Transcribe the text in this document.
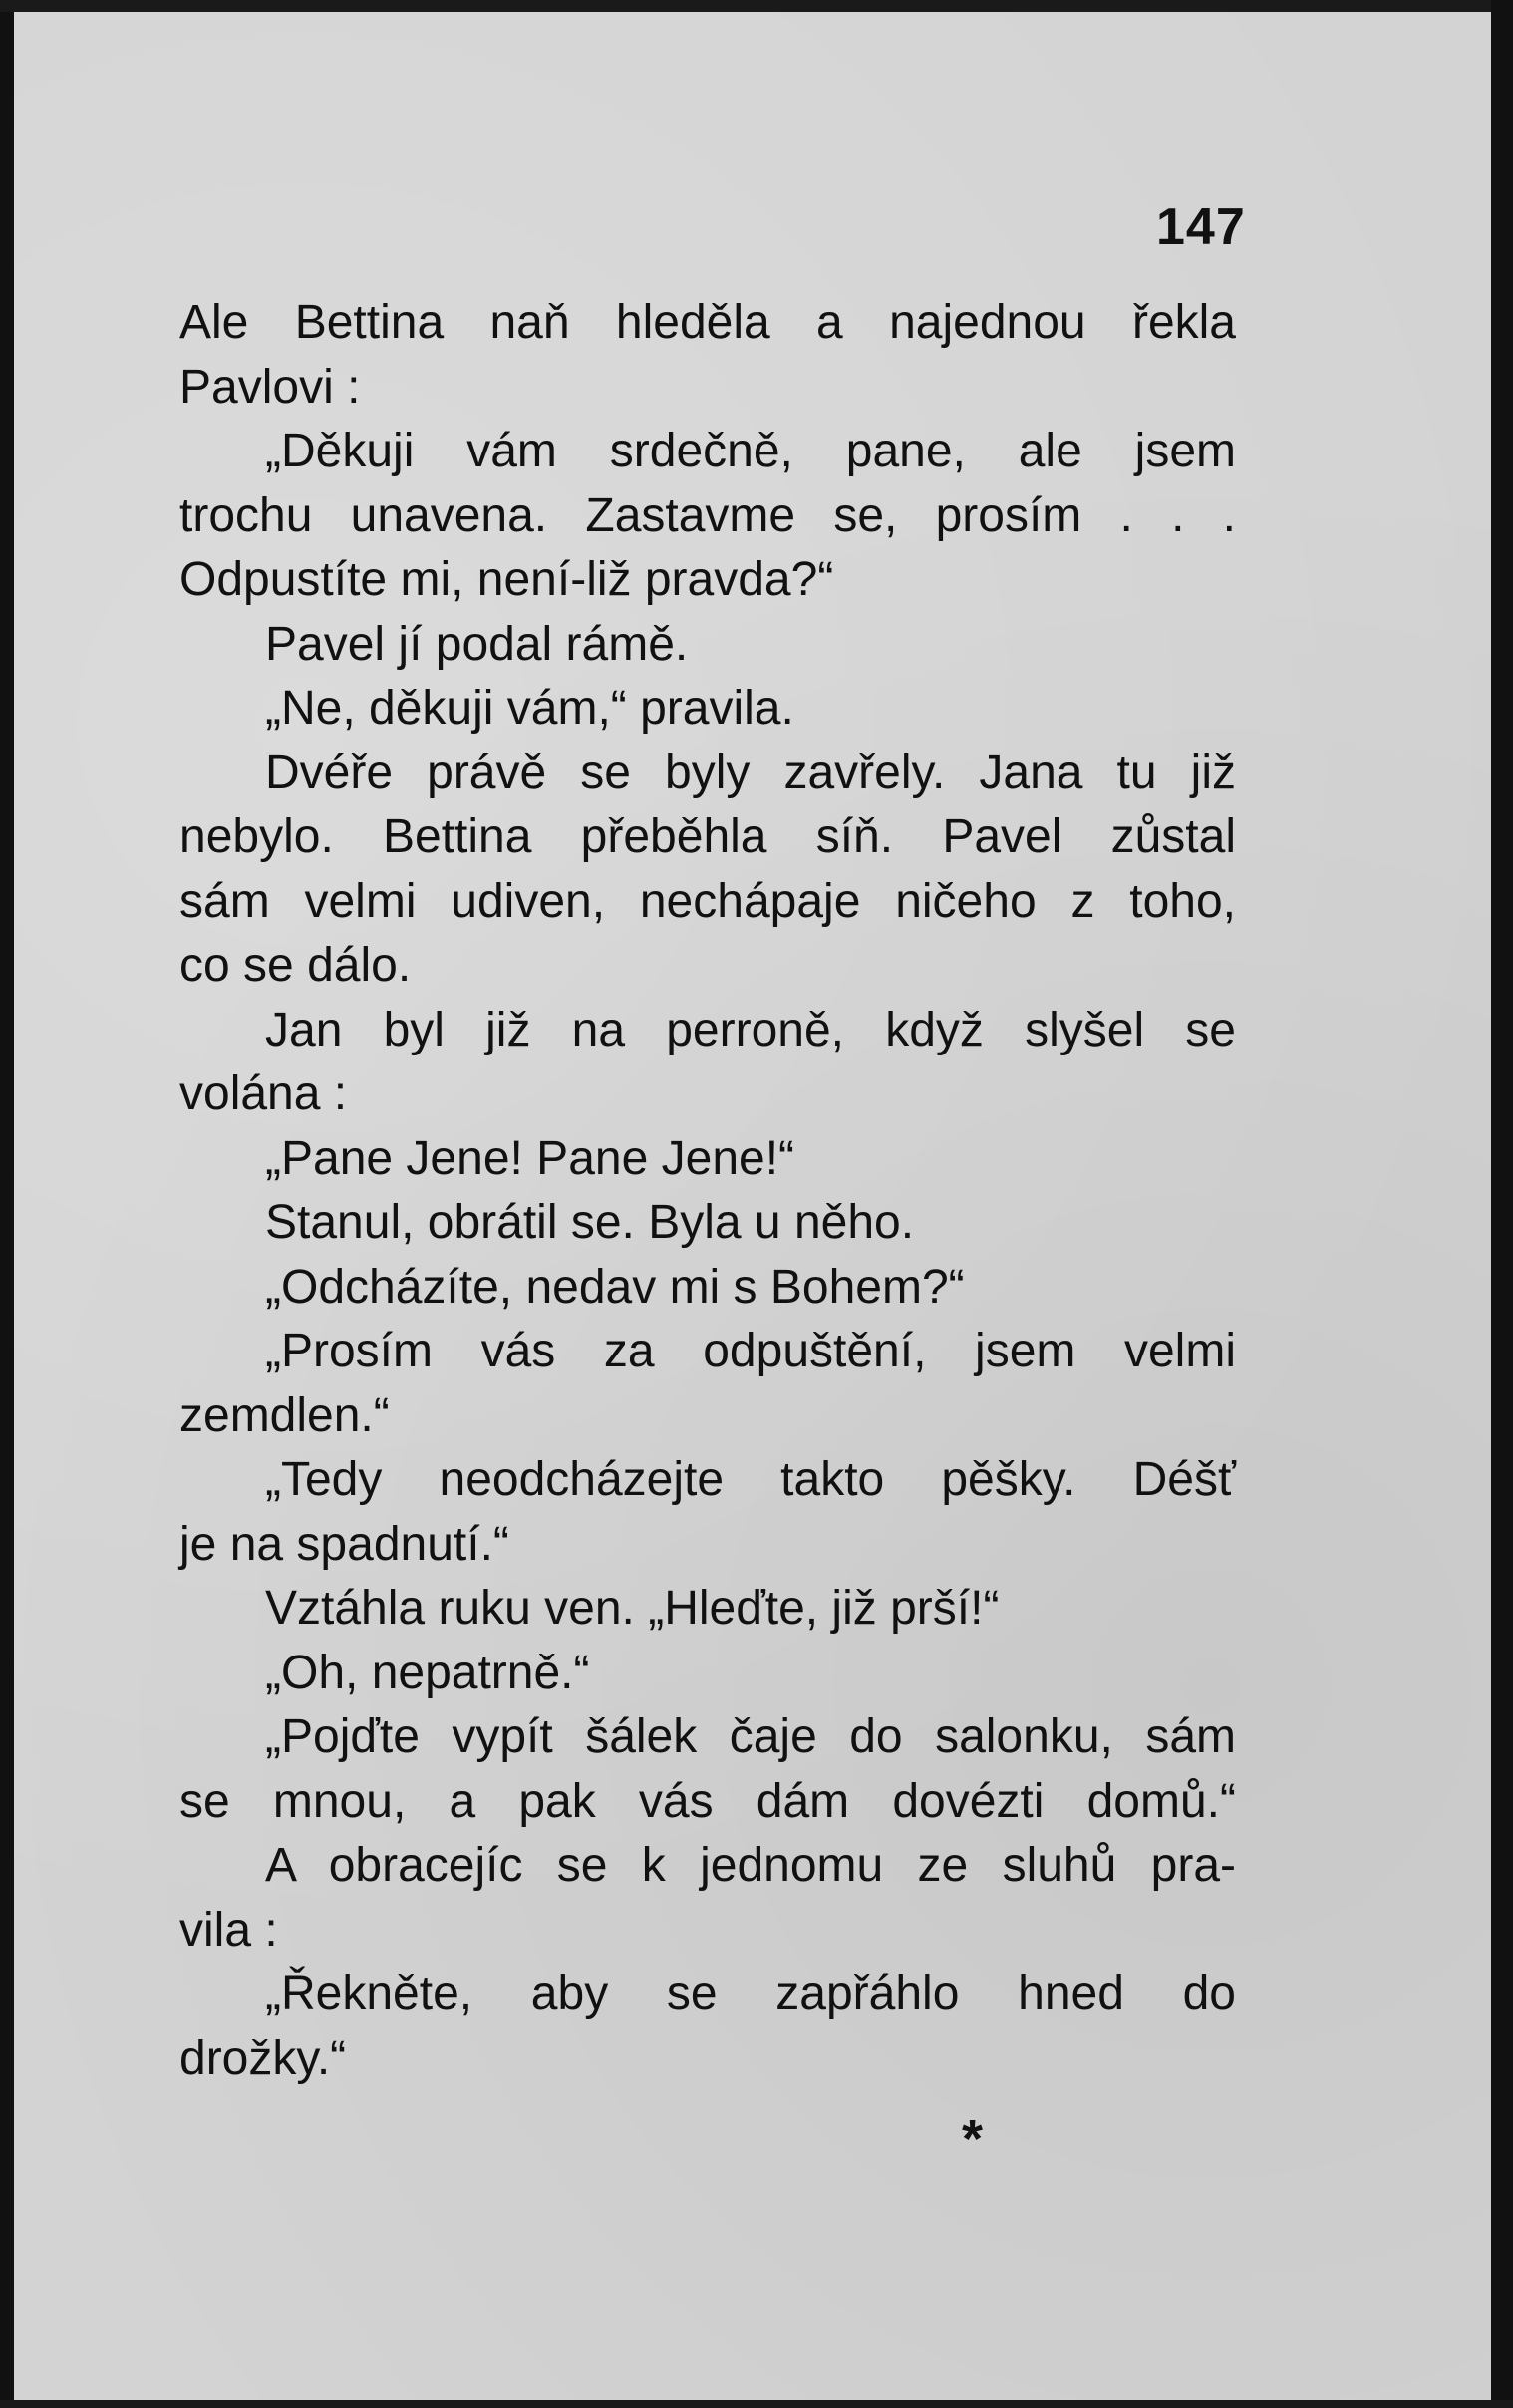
147
Ale Bettina naň hleděla a najednou řekla
Pavlovi :
„Děkuji vám srdečně, pane, ale jsem
trochu unavena. Zastavme se, prosím . . .
Odpustíte mi, není-liž pravda?“
Pavel jí podal rámě.
„Ne, děkuji vám,“ pravila.
Dvéře právě se byly zavřely. Jana tu již
nebylo. Bettina přeběhla síň. Pavel zůstal
sám velmi udiven, nechápaje ničeho z toho,
co se dálo.
Jan byl již na perroně, když slyšel se
volána :
„Pane Jene! Pane Jene!“
Stanul, obrátil se. Byla u něho.
„Odcházíte, nedav mi s Bohem?“
„Prosím vás za odpuštění, jsem velmi
zemdlen.“
„Tedy neodcházejte takto pěšky. Déšť
je na spadnutí.“
Vztáhla ruku ven. „Hleďte, již prší!“
„Oh, nepatrně.“
„Pojďte vypít šálek čaje do salonku, sám
se mnou, a pak vás dám dovézti domů.“
A obracejíc se k jednomu ze sluhů pra-
vila :
„Řekněte, aby se zapřáhlo hned do
drožky.“
*
